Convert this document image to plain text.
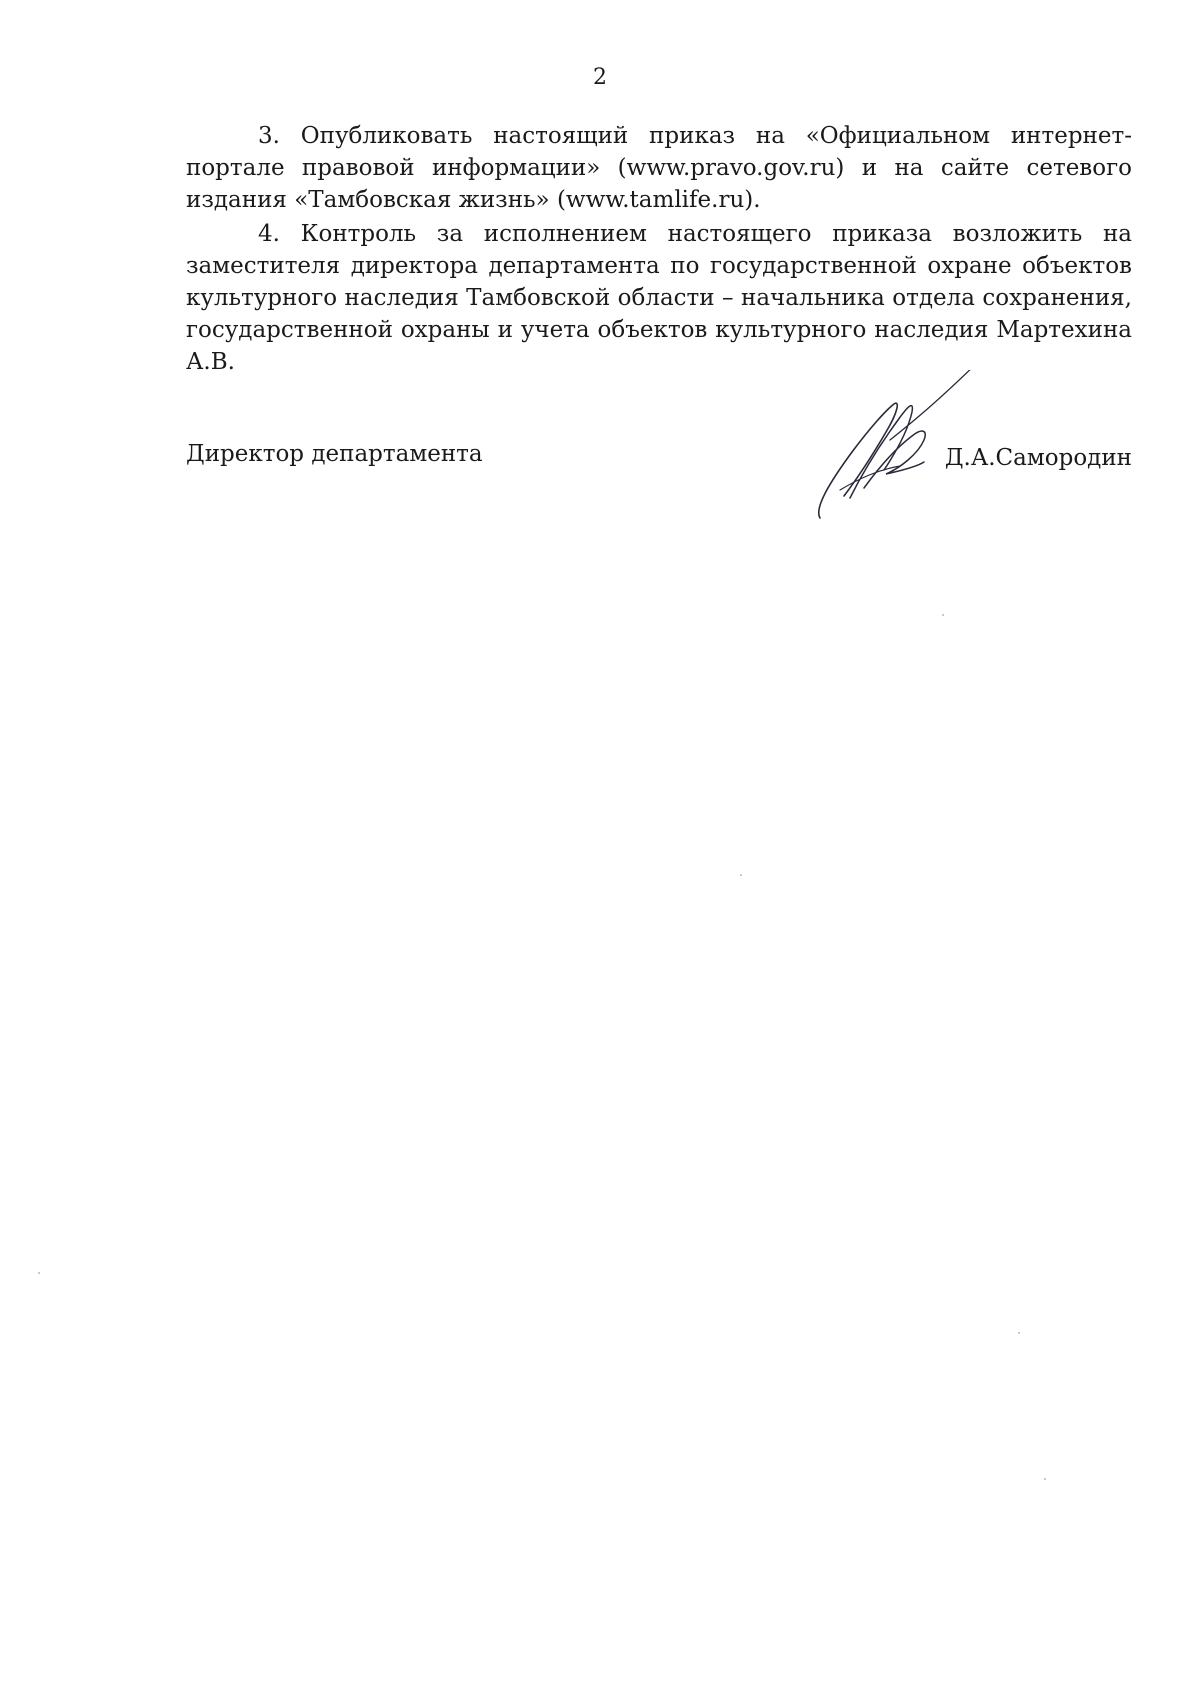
2

3. Опубликовать настоящий приказ на «Официальном интернет-портале правовой информации» (www.pravo.gov.ru) и на сайте сетевого издания «Тамбовская жизнь» (www.tamlife.ru).

4. Контроль за исполнением настоящего приказа возложить на заместителя директора департамента по государственной охране объектов культурного наследия Тамбовской области – начальника отдела сохранения, государственной охраны и учета объектов культурного наследия Мартехина А.В.

Директор департамента	Д.А.Самородин
